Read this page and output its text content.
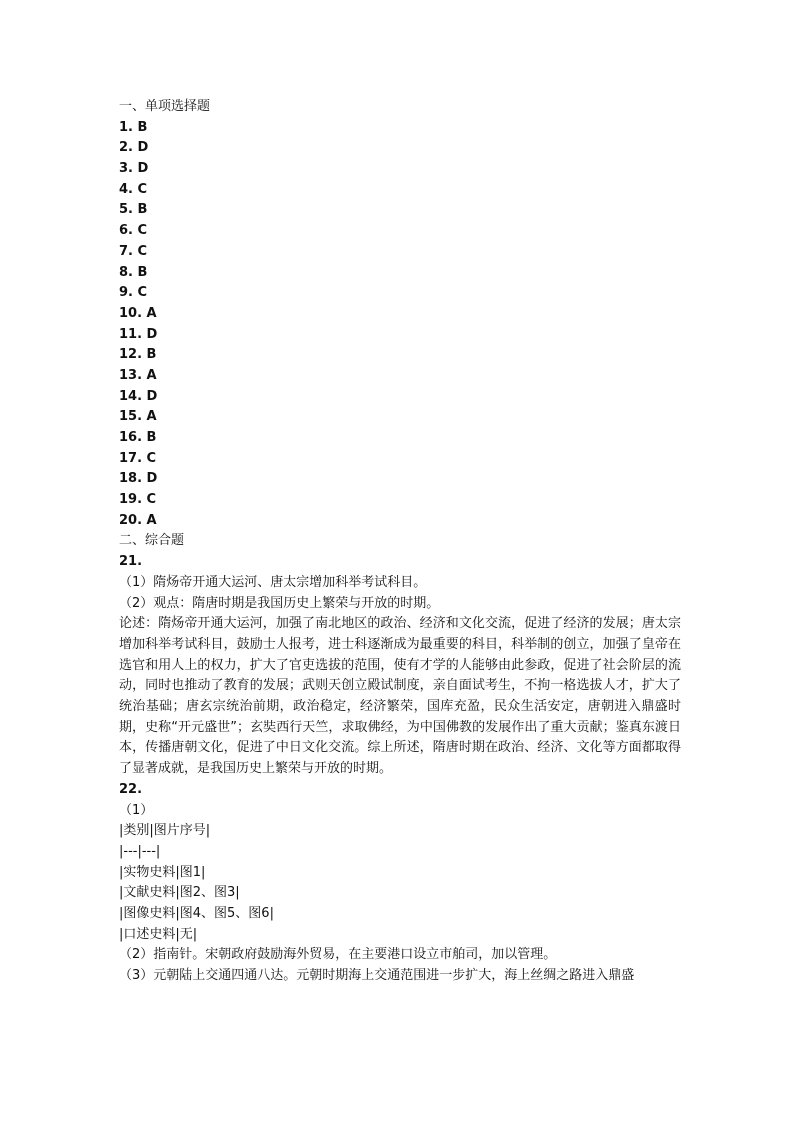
一、单项选择题
1. B
2. D
3. D
4. C
5. B
6. C
7. C
8. B
9. C
10. A
11. D
12. B
13. A
14. D
15. A
16. B
17. C
18. D
19. C
20. A
二、综合题
21.
（1）隋炀帝开通大运河、唐太宗增加科举考试科目。
（2）观点：隋唐时期是我国历史上繁荣与开放的时期。
论述：隋炀帝开通大运河，加强了南北地区的政治、经济和文化交流，促进了经济的发展；唐太宗增加科举考试科目，鼓励士人报考，进士科逐渐成为最重要的科目，科举制的创立，加强了皇帝在选官和用人上的权力，扩大了官吏选拔的范围，使有才学的人能够由此参政，促进了社会阶层的流动，同时也推动了教育的发展；武则天创立殿试制度，亲自面试考生，不拘一格选拔人才，扩大了统治基础；唐玄宗统治前期，政治稳定，经济繁荣，国库充盈，民众生活安定，唐朝进入鼎盛时期，史称“开元盛世”；玄奘西行天竺，求取佛经，为中国佛教的发展作出了重大贡献；鉴真东渡日本，传播唐朝文化，促进了中日文化交流。综上所述，隋唐时期在政治、经济、文化等方面都取得了显著成就，是我国历史上繁荣与开放的时期。
22.
（1）
|类别|图片序号|
|---|---|
|实物史料|图1|
|文献史料|图2、图3|
|图像史料|图4、图5、图6|
|口述史料|无|
（2）指南针。宋朝政府鼓励海外贸易，在主要港口设立市舶司，加以管理。
（3）元朝陆上交通四通八达。元朝时期海上交通范围进一步扩大，海上丝绸之路进入鼎盛
